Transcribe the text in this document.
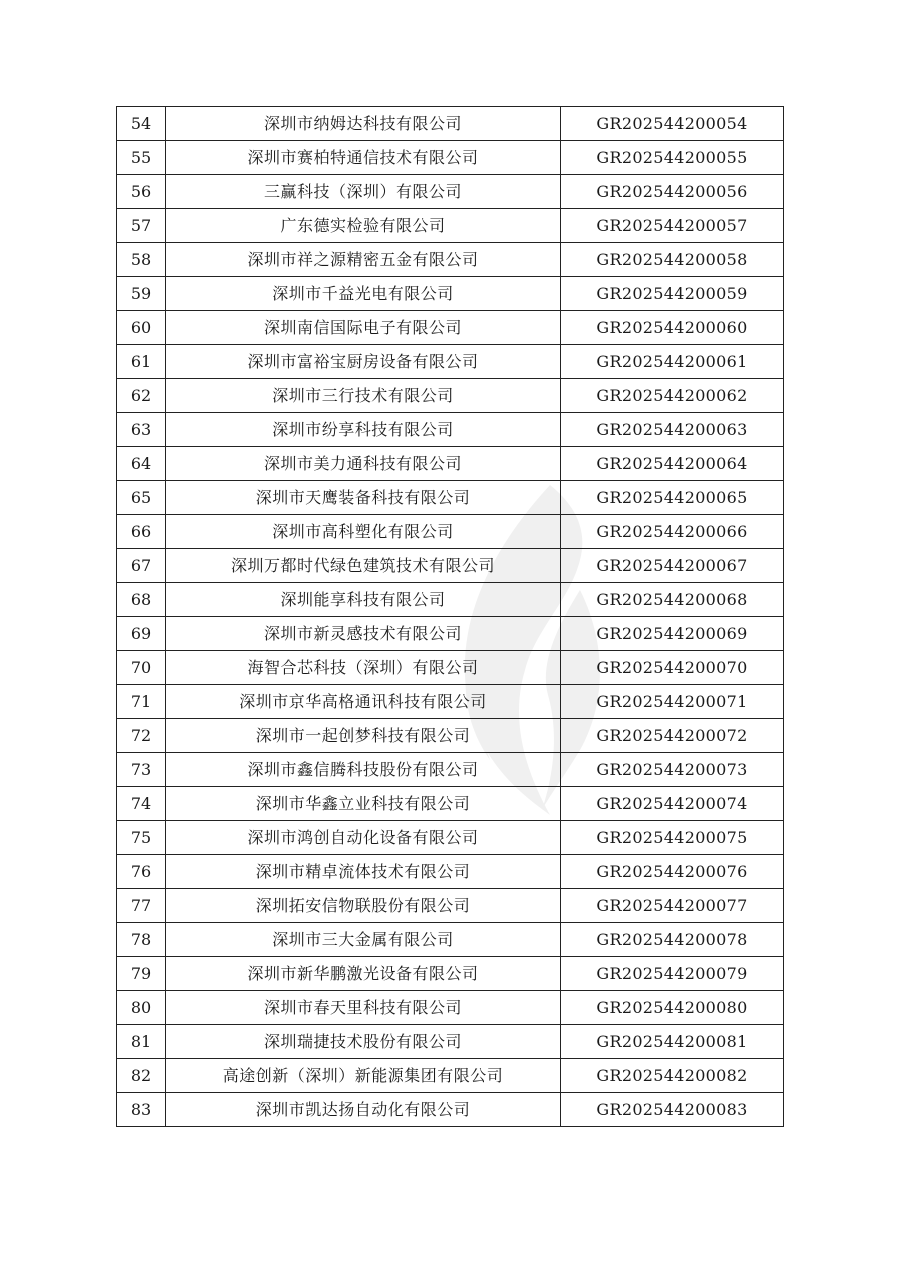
54	深圳市纳姆达科技有限公司	GR202544200054
55	深圳市赛柏特通信技术有限公司	GR202544200055
56	三赢科技（深圳）有限公司	GR202544200056
57	广东德实检验有限公司	GR202544200057
58	深圳市祥之源精密五金有限公司	GR202544200058
59	深圳市千益光电有限公司	GR202544200059
60	深圳南信国际电子有限公司	GR202544200060
61	深圳市富裕宝厨房设备有限公司	GR202544200061
62	深圳市三行技术有限公司	GR202544200062
63	深圳市纷享科技有限公司	GR202544200063
64	深圳市美力通科技有限公司	GR202544200064
65	深圳市天鹰装备科技有限公司	GR202544200065
66	深圳市高科塑化有限公司	GR202544200066
67	深圳万都时代绿色建筑技术有限公司	GR202544200067
68	深圳能享科技有限公司	GR202544200068
69	深圳市新灵感技术有限公司	GR202544200069
70	海智合芯科技（深圳）有限公司	GR202544200070
71	深圳市京华高格通讯科技有限公司	GR202544200071
72	深圳市一起创梦科技有限公司	GR202544200072
73	深圳市鑫信腾科技股份有限公司	GR202544200073
74	深圳市华鑫立业科技有限公司	GR202544200074
75	深圳市鸿创自动化设备有限公司	GR202544200075
76	深圳市精卓流体技术有限公司	GR202544200076
77	深圳拓安信物联股份有限公司	GR202544200077
78	深圳市三大金属有限公司	GR202544200078
79	深圳市新华鹏激光设备有限公司	GR202544200079
80	深圳市春天里科技有限公司	GR202544200080
81	深圳瑞捷技术股份有限公司	GR202544200081
82	高途创新（深圳）新能源集团有限公司	GR202544200082
83	深圳市凯达扬自动化有限公司	GR202544200083
